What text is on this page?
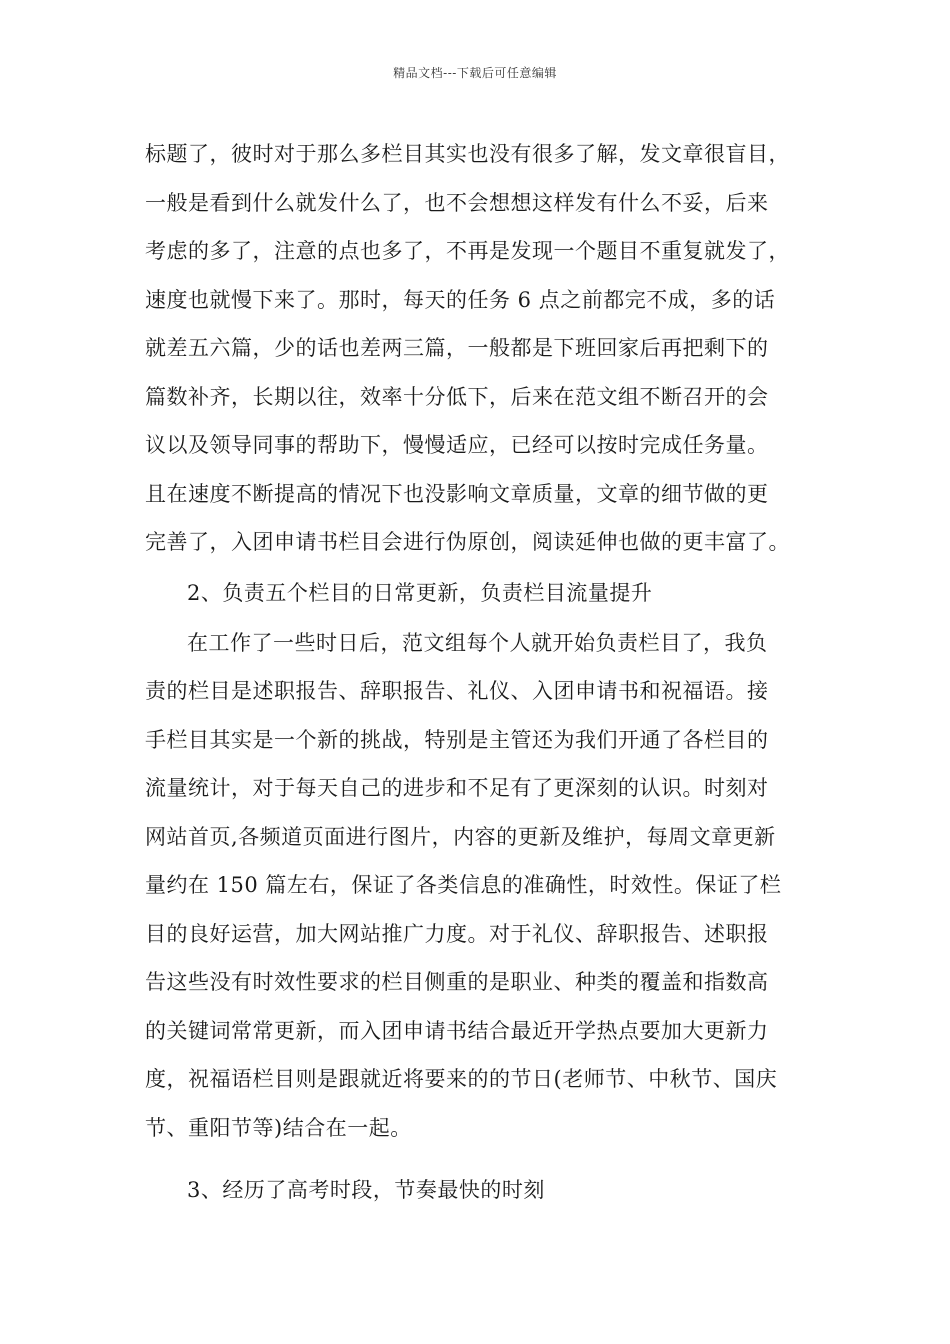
精品文档---下载后可任意编辑
标题了，彼时对于那么多栏目其实也没有很多了解，发文章很盲目，
一般是看到什么就发什么了，也不会想想这样发有什么不妥，后来
考虑的多了，注意的点也多了，不再是发现一个题目不重复就发了，
速度也就慢下来了。那时，每天的任务 6 点之前都完不成，多的话
就差五六篇，少的话也差两三篇，一般都是下班回家后再把剩下的
篇数补齐，长期以往，效率十分低下，后来在范文组不断召开的会
议以及领导同事的帮助下，慢慢适应，已经可以按时完成任务量。
且在速度不断提高的情况下也没影响文章质量，文章的细节做的更
完善了，入团申请书栏目会进行伪原创，阅读延伸也做的更丰富了。
2、负责五个栏目的日常更新，负责栏目流量提升
在工作了一些时日后，范文组每个人就开始负责栏目了，我负
责的栏目是述职报告、辞职报告、礼仪、入团申请书和祝福语。接
手栏目其实是一个新的挑战，特别是主管还为我们开通了各栏目的
流量统计，对于每天自己的进步和不足有了更深刻的认识。时刻对
网站首页,各频道页面进行图片，内容的更新及维护，每周文章更新
量约在 150 篇左右，保证了各类信息的准确性，时效性。保证了栏
目的良好运营，加大网站推广力度。对于礼仪、辞职报告、述职报
告这些没有时效性要求的栏目侧重的是职业、种类的覆盖和指数高
的关键词常常更新，而入团申请书结合最近开学热点要加大更新力
度，祝福语栏目则是跟就近将要来的的节日(老师节、中秋节、国庆
节、重阳节等)结合在一起。
3、经历了高考时段，节奏最快的时刻
